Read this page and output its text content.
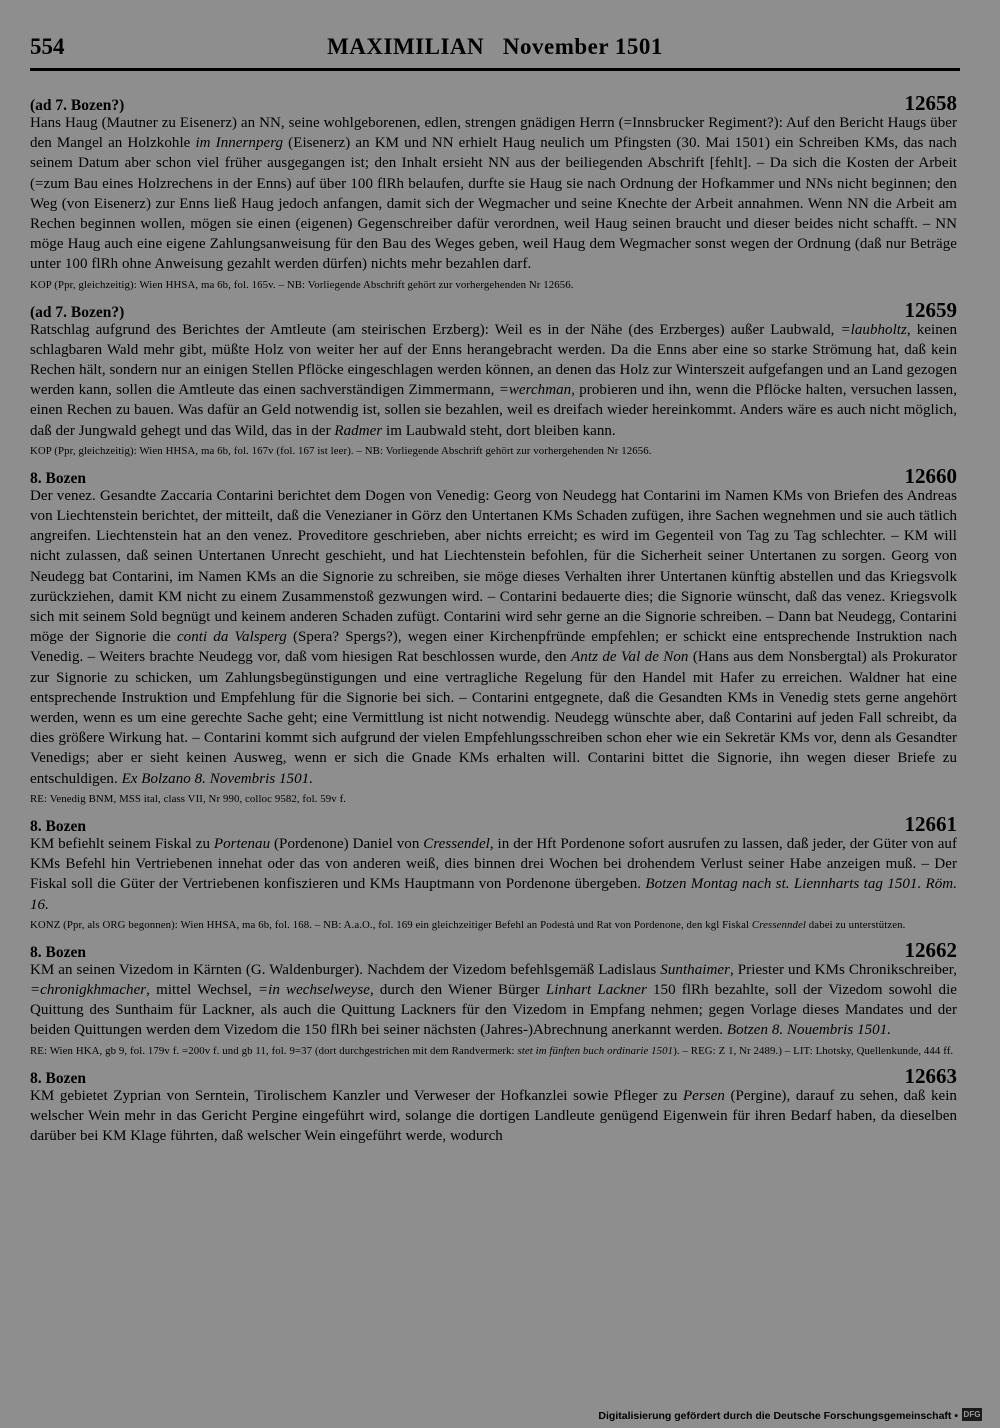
554	MAXIMILIAN   November 1501
(ad 7. Bozen?)	12658

Hans Haug (Mautner zu Eisenerz) an NN, seine wohlgeborenen, edlen, strengen gnädigen Herrn (=Innsbrucker Regiment?): Auf den Bericht Haugs über den Mangel an Holzkohle im Innernperg (Eisenerz) an KM und NN erhielt Haug neulich um Pfingsten (30. Mai 1501) ein Schreiben KMs, das nach seinem Datum aber schon viel früher ausgegangen ist; den Inhalt ersieht NN aus der beiliegenden Abschrift [fehlt]. – Da sich die Kosten der Arbeit (=zum Bau eines Holzrechens in der Enns) auf über 100 flRh belaufen, durfte sie Haug sie nach Ordnung der Hofkammer und NNs nicht beginnen; den Weg (von Eisenerz) zur Enns ließ Haug jedoch anfangen, damit sich der Wegmacher und seine Knechte der Arbeit annahmen. Wenn NN die Arbeit am Rechen beginnen wollen, mögen sie einen (eigenen) Gegenschreiber dafür verordnen, weil Haug seinen braucht und dieser beides nicht schafft. – NN möge Haug auch eine eigene Zahlungsanweisung für den Bau des Weges geben, weil Haug dem Wegmacher sonst wegen der Ordnung (daß nur Beträge unter 100 flRh ohne Anweisung gezahlt werden dürfen) nichts mehr bezahlen darf.

KOP (Ppr, gleichzeitig): Wien HHSA, ma 6b, fol. 165v. – NB: Vorliegende Abschrift gehört zur vorhergehenden Nr 12656.

(ad 7. Bozen?)	12659

Ratschlag aufgrund des Berichtes der Amtleute (am steirischen Erzberg): Weil es in der Nähe (des Erzberges) außer Laubwald, =laubholtz, keinen schlagbaren Wald mehr gibt, müßte Holz von weiter her auf der Enns herangebracht werden. Da die Enns aber eine so starke Strömung hat, daß kein Rechen hält, sondern nur an einigen Stellen Pflöcke eingeschlagen werden können, an denen das Holz zur Winterszeit aufgefangen und an Land gezogen werden kann, sollen die Amtleute das einen sachverständigen Zimmermann, =werchman, probieren und ihn, wenn die Pflöcke halten, versuchen lassen, einen Rechen zu bauen. Was dafür an Geld notwendig ist, sollen sie bezahlen, weil es dreifach wieder hereinkommt. Anders wäre es auch nicht möglich, daß der Jungwald gehegt und das Wild, das in der Radmer im Laubwald steht, dort bleiben kann.

KOP (Ppr, gleichzeitig): Wien HHSA, ma 6b, fol. 167v (fol. 167 ist leer). – NB: Vorliegende Abschrift gehört zur vorhergehenden Nr 12656.

8. Bozen	12660

Der venez. Gesandte Zaccaria Contarini berichtet dem Dogen von Venedig: Georg von Neudegg hat Contarini im Namen KMs von Briefen des Andreas von Liechtenstein berichtet, der mitteilt, daß die Venezianer in Görz den Untertanen KMs Schaden zufügen, ihre Sachen wegnehmen und sie auch tätlich angreifen. Liechtenstein hat an den venez. Proveditore geschrieben, aber nichts erreicht; es wird im Gegenteil von Tag zu Tag schlechter. – KM will nicht zulassen, daß seinen Untertanen Unrecht geschieht, und hat Liechtenstein befohlen, für die Sicherheit seiner Untertanen zu sorgen. Georg von Neudegg bat Contarini, im Namen KMs an die Signorie zu schreiben, sie möge dieses Verhalten ihrer Untertanen künftig abstellen und das Kriegsvolk zurückziehen, damit KM nicht zu einem Zusammenstoß gezwungen wird. – Contarini bedauerte dies; die Signorie wünscht, daß das venez. Kriegsvolk sich mit seinem Sold begnügt und keinem anderen Schaden zufügt. Contarini wird sehr gerne an die Signorie schreiben. – Dann bat Neudegg, Contarini möge der Signorie die conti da Valsperg (Spera? Spergs?), wegen einer Kirchenpfründe empfehlen; er schickt eine entsprechende Instruktion nach Venedig. – Weiters brachte Neudegg vor, daß vom hiesigen Rat beschlossen wurde, den Antz de Val de Non (Hans aus dem Nonsbergtal) als Prokurator zur Signorie zu schicken, um Zahlungsbegünstigungen und eine vertragliche Regelung für den Handel mit Hafer zu erreichen. Waldner hat eine entsprechende Instruktion und Empfehlung für die Signorie bei sich. – Contarini entgegnete, daß die Gesandten KMs in Venedig stets gerne angehört werden, wenn es um eine gerechte Sache geht; eine Vermittlung ist nicht notwendig. Neudegg wünschte aber, daß Contarini auf jeden Fall schreibt, da dies größere Wirkung hat. – Contarini kommt sich aufgrund der vielen Empfehlungsschreiben schon eher wie ein Sekretär KMs vor, denn als Gesandter Venedigs; aber er sieht keinen Ausweg, wenn er sich die Gnade KMs erhalten will. Contarini bittet die Signorie, ihn wegen dieser Briefe zu entschuldigen. Ex Bolzano 8. Novembris 1501.

RE: Venedig BNM, MSS ital, class VII, Nr 990, colloc 9582, fol. 59v f.

8. Bozen	12661

KM befiehlt seinem Fiskal zu Portenau (Pordenone) Daniel von Cressendel, in der Hft Pordenone sofort ausrufen zu lassen, daß jeder, der Güter von auf KMs Befehl hin Vertriebenen innehat oder das von anderen weiß, dies binnen drei Wochen bei drohendem Verlust seiner Habe anzeigen muß. – Der Fiskal soll die Güter der Vertriebenen konfiszieren und KMs Hauptmann von Pordenone übergeben. Botzen Montag nach st. Liennharts tag 1501. Röm. 16.

KONZ (Ppr, als ORG begonnen): Wien HHSA, ma 6b, fol. 168. – NB: A.a.O., fol. 169 ein gleichzeitiger Befehl an Podestà und Rat von Pordenone, den kgl Fiskal Cressenndel dabei zu unterstützen.

8. Bozen	12662

KM an seinen Vizedom in Kärnten (G. Waldenburger). Nachdem der Vizedom befehlsgemäß Ladislaus Sunthaimer, Priester und KMs Chronikschreiber, =chronigkhmacher, mittel Wechsel, =in wechselweyse, durch den Wiener Bürger Linhart Lackner 150 flRh bezahlte, soll der Vizedom sowohl die Quittung des Sunthaim für Lackner, als auch die Quittung Lackners für den Vizedom in Empfang nehmen; gegen Vorlage dieses Mandates und der beiden Quittungen werden dem Vizedom die 150 flRh bei seiner nächsten (Jahres-)Abrechnung anerkannt werden. Botzen 8. Nouembris 1501.

RE: Wien HKA, gb 9, fol. 179v f. =200v f. und gb 11, fol. 9=37 (dort durchgestrichen mit dem Randvermerk: stet im fünften buch ordinarie 1501). – REG: Z 1, Nr 2489.) – LIT: Lhotsky, Quellenkunde, 444 ff.

8. Bozen	12663

KM gebietet Zyprian von Serntein, Tirolischem Kanzler und Verweser der Hofkanzlei sowie Pfleger zu Persen (Pergine), darauf zu sehen, daß kein welscher Wein mehr in das Gericht Pergine eingeführt wird, solange die dortigen Landleute genügend Eigenwein für ihren Bedarf haben, da dieselben darüber bei KM Klage führten, daß welscher Wein eingeführt werde, wodurch

Digitalisierung gefördert durch die Deutsche Forschungsgemeinschaft • DFG
